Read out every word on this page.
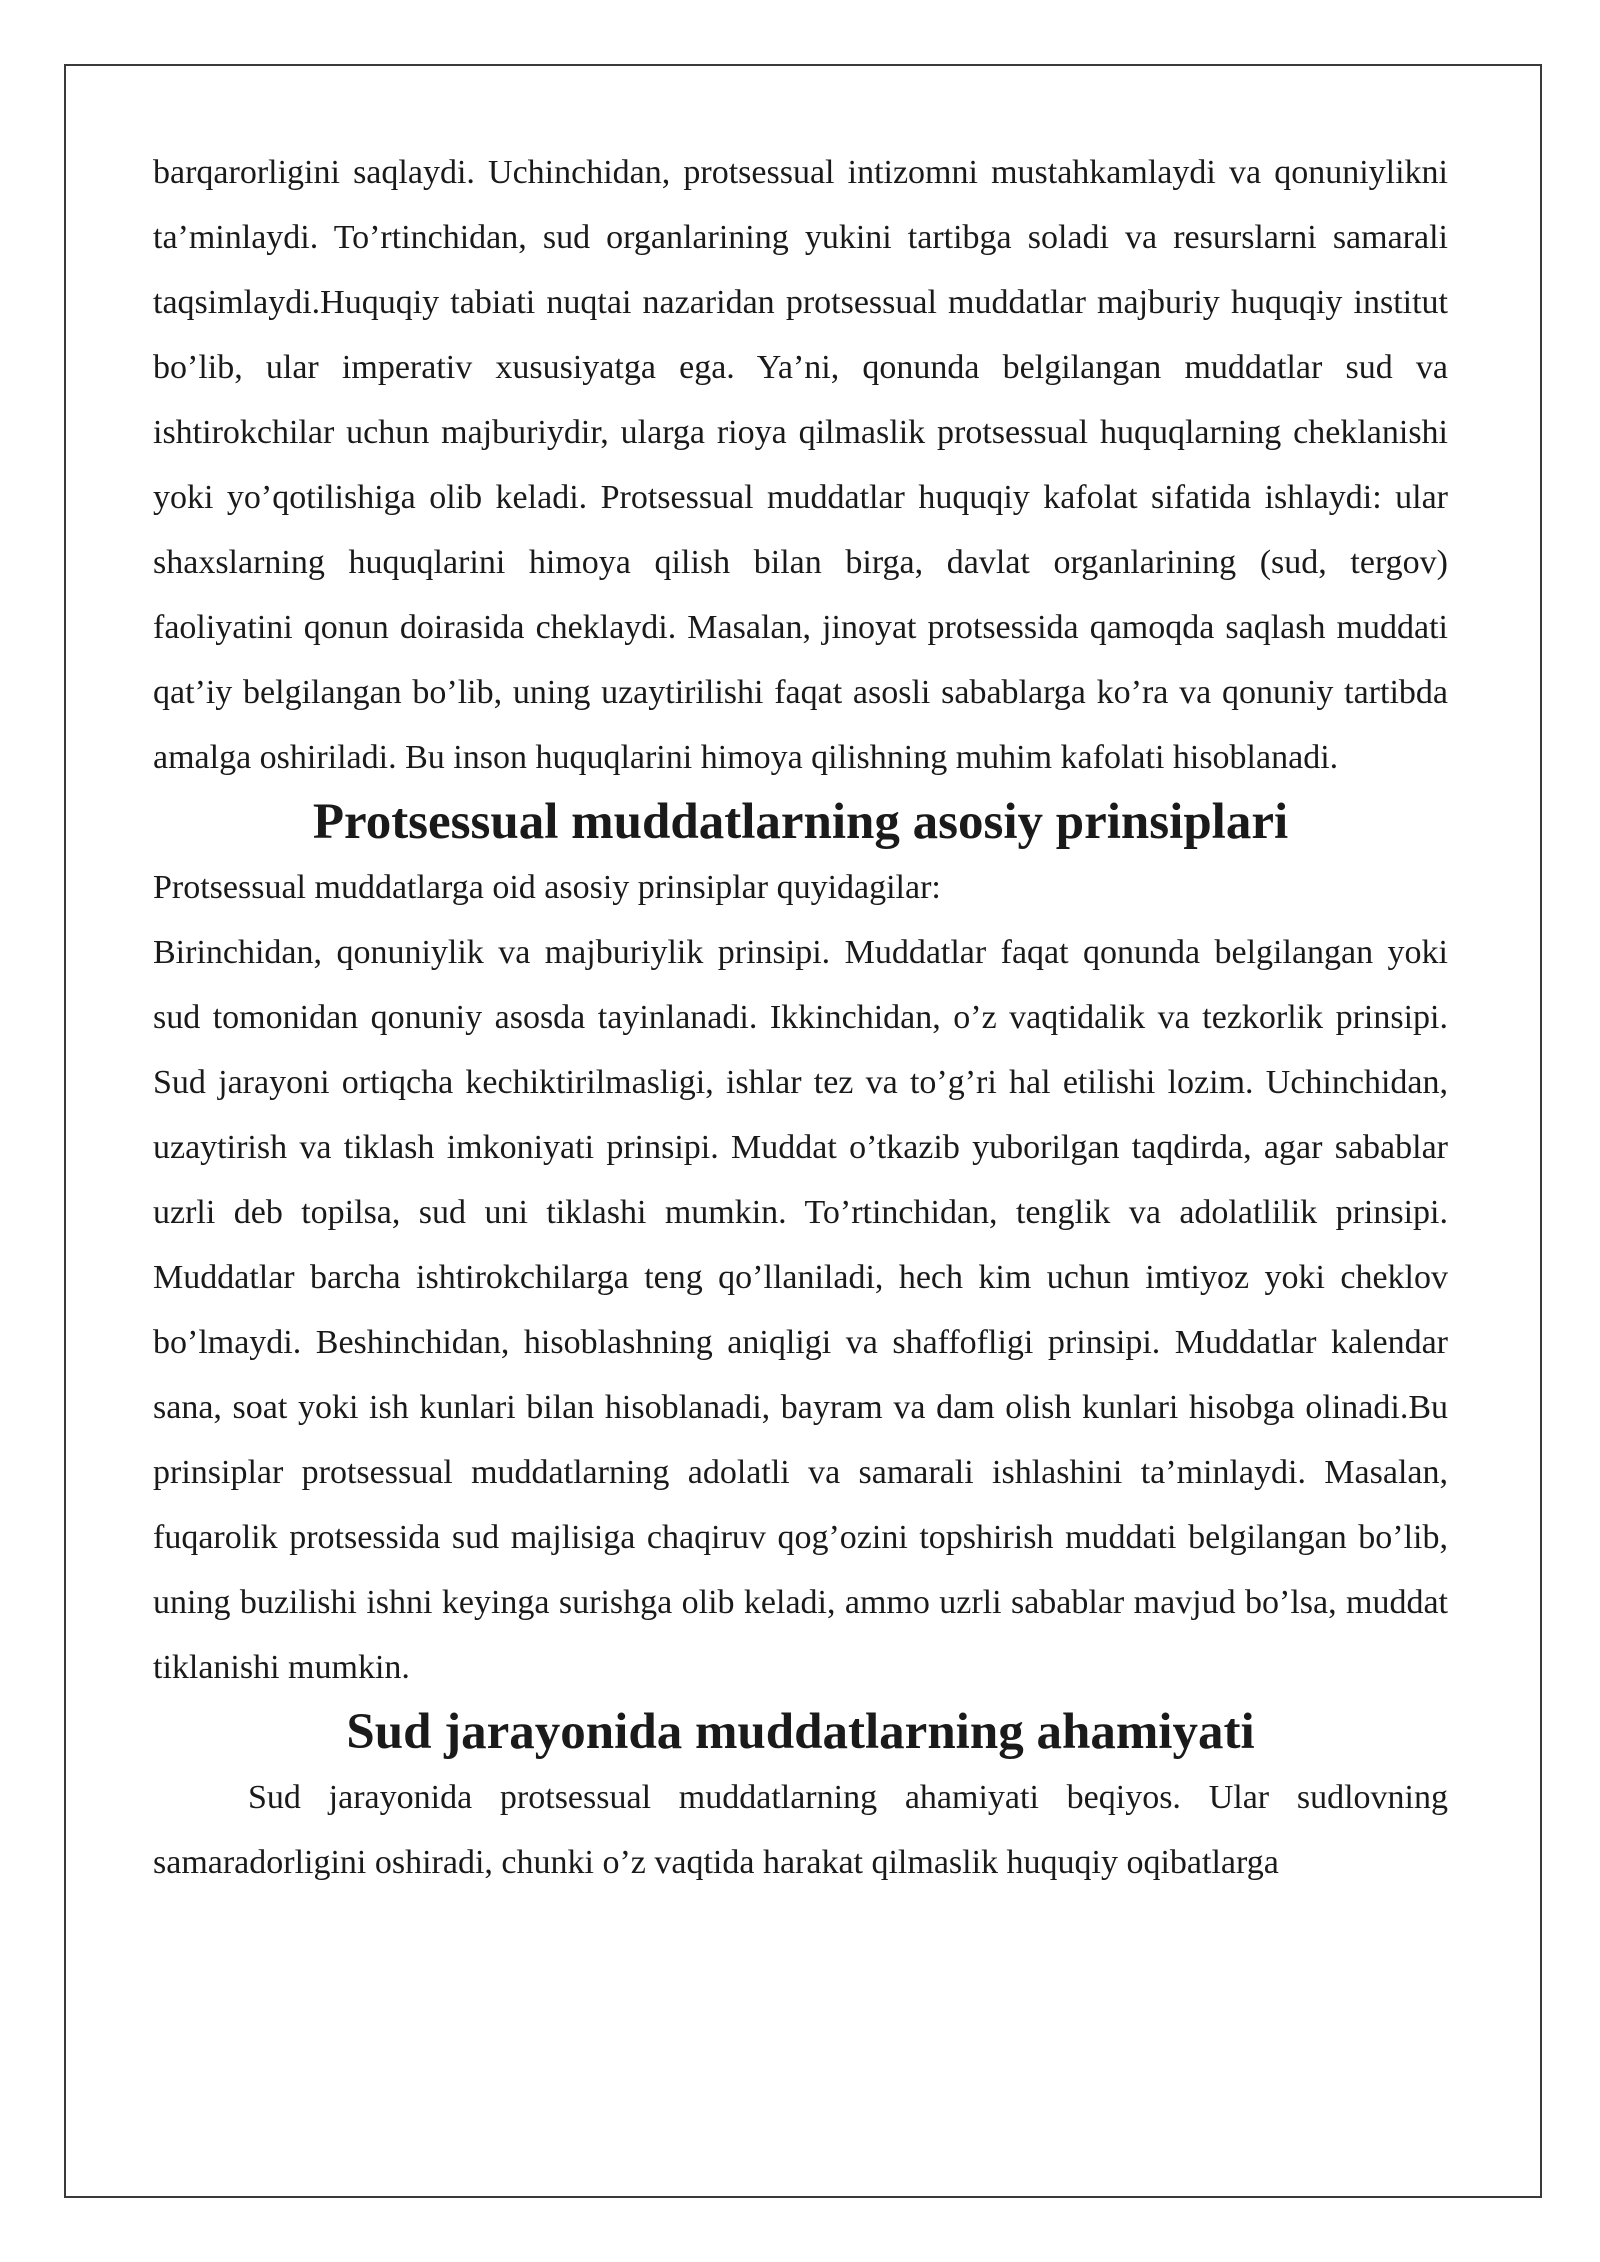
barqarorligini saqlaydi. Uchinchidan, protsessual intizomni mustahkamlaydi va qonuniylikni ta’minlaydi. To’rtinchidan, sud organlarining yukini tartibga soladi va resurslarni samarali taqsimlaydi.Huquqiy tabiati nuqtai nazaridan protsessual muddatlar majburiy huquqiy institut bo’lib, ular imperativ xususiyatga ega. Ya’ni, qonunda belgilangan muddatlar sud va ishtirokchilar uchun majburiydir, ularga rioya qilmaslik protsessual huquqlarning cheklanishi yoki yo’qotilishiga olib keladi. Protsessual muddatlar huquqiy kafolat sifatida ishlaydi: ular shaxslarning huquqlarini himoya qilish bilan birga, davlat organlarining (sud, tergov) faoliyatini qonun doirasida cheklaydi. Masalan, jinoyat protsessida qamoqda saqlash muddati qat’iy belgilangan bo’lib, uning uzaytirilishi faqat asosli sabablarga ko’ra va qonuniy tartibda amalga oshiriladi. Bu inson huquqlarini himoya qilishning muhim kafolati hisoblanadi.

Protsessual muddatlarning asosiy prinsiplari

Protsessual muddatlarga oid asosiy prinsiplar quyidagilar:

Birinchidan, qonuniylik va majburiylik prinsipi. Muddatlar faqat qonunda belgilangan yoki sud tomonidan qonuniy asosda tayinlanadi. Ikkinchidan, o’z vaqtidalik va tezkorlik prinsipi. Sud jarayoni ortiqcha kechiktirilmasligi, ishlar tez va to’g’ri hal etilishi lozim. Uchinchidan, uzaytirish va tiklash imkoniyati prinsipi. Muddat o’tkazib yuborilgan taqdirda, agar sabablar uzrli deb topilsa, sud uni tiklashi mumkin. To’rtinchidan, tenglik va adolatlilik prinsipi. Muddatlar barcha ishtirokchilarga teng qo’llaniladi, hech kim uchun imtiyoz yoki cheklov bo’lmaydi. Beshinchidan, hisoblashning aniqligi va shaffofligi prinsipi. Muddatlar kalendar sana, soat yoki ish kunlari bilan hisoblanadi, bayram va dam olish kunlari hisobga olinadi.Bu prinsiplar protsessual muddatlarning adolatli va samarali ishlashini ta’minlaydi. Masalan, fuqarolik protsessida sud majlisiga chaqiruv qog’ozini topshirish muddati belgilangan bo’lib, uning buzilishi ishni keyinga surishga olib keladi, ammo uzrli sabablar mavjud bo’lsa, muddat tiklanishi mumkin.

Sud jarayonida muddatlarning ahamiyati

Sud jarayonida protsessual muddatlarning ahamiyati beqiyos. Ular sudlovning samaradorligini oshiradi, chunki o’z vaqtida harakat qilmaslik huquqiy oqibatlarga
